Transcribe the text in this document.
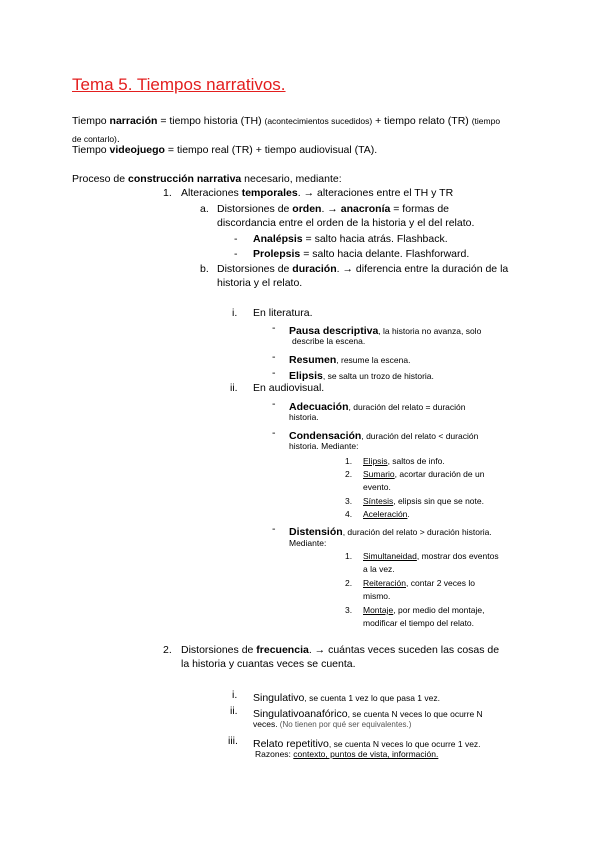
Tema 5. Tiempos narrativos.
Tiempo narración = tiempo historia (TH) (acontecimientos sucedidos) + tiempo relato (TR) (tiempo
de contarlo).
Tiempo videojuego = tiempo real (TR) + tiempo audiovisual (TA).
Proceso de construcción narrativa necesario, mediante:
1. Alteraciones temporales. → alteraciones entre el TH y TR
a. Distorsiones de orden. → anacronía = formas de
discordancia entre el orden de la historia y el del relato.
- Analépsis = salto hacia atrás. Flashback.
- Prolepsis = salto hacia delante. Flashforward.
b. Distorsiones de duración. → diferencia entre la duración de la
historia y el relato.
i. En literatura.
- Pausa descriptiva, la historia no avanza, solo
describe la escena.
- Resumen, resume la escena.
- Elipsis, se salta un trozo de historia.
ii. En audiovisual.
- Adecuación, duración del relato = duración
historia.
- Condensación, duración del relato < duración
historia. Mediante:
1. Elipsis, saltos de info.
2. Sumario, acortar duración de un
evento.
3. Síntesis, elipsis sin que se note.
4. Aceleración.
- Distensión, duración del relato > duración historia.
Mediante:
1. Simultaneidad, mostrar dos eventos
a la vez.
2. Reiteración, contar 2 veces lo
mismo.
3. Montaje, por medio del montaje,
modificar el tiempo del relato.
2. Distorsiones de frecuencia. → cuántas veces suceden las cosas de
la historia y cuantas veces se cuenta.
i. Singulativo, se cuenta 1 vez lo que pasa 1 vez.
ii. Singulativoanafórico, se cuenta N veces lo que ocurre N
veces. (No tienen por qué ser equivalentes.)
iii. Relato repetitivo, se cuenta N veces lo que ocurre 1 vez.
Razones: contexto, puntos de vista, información.
